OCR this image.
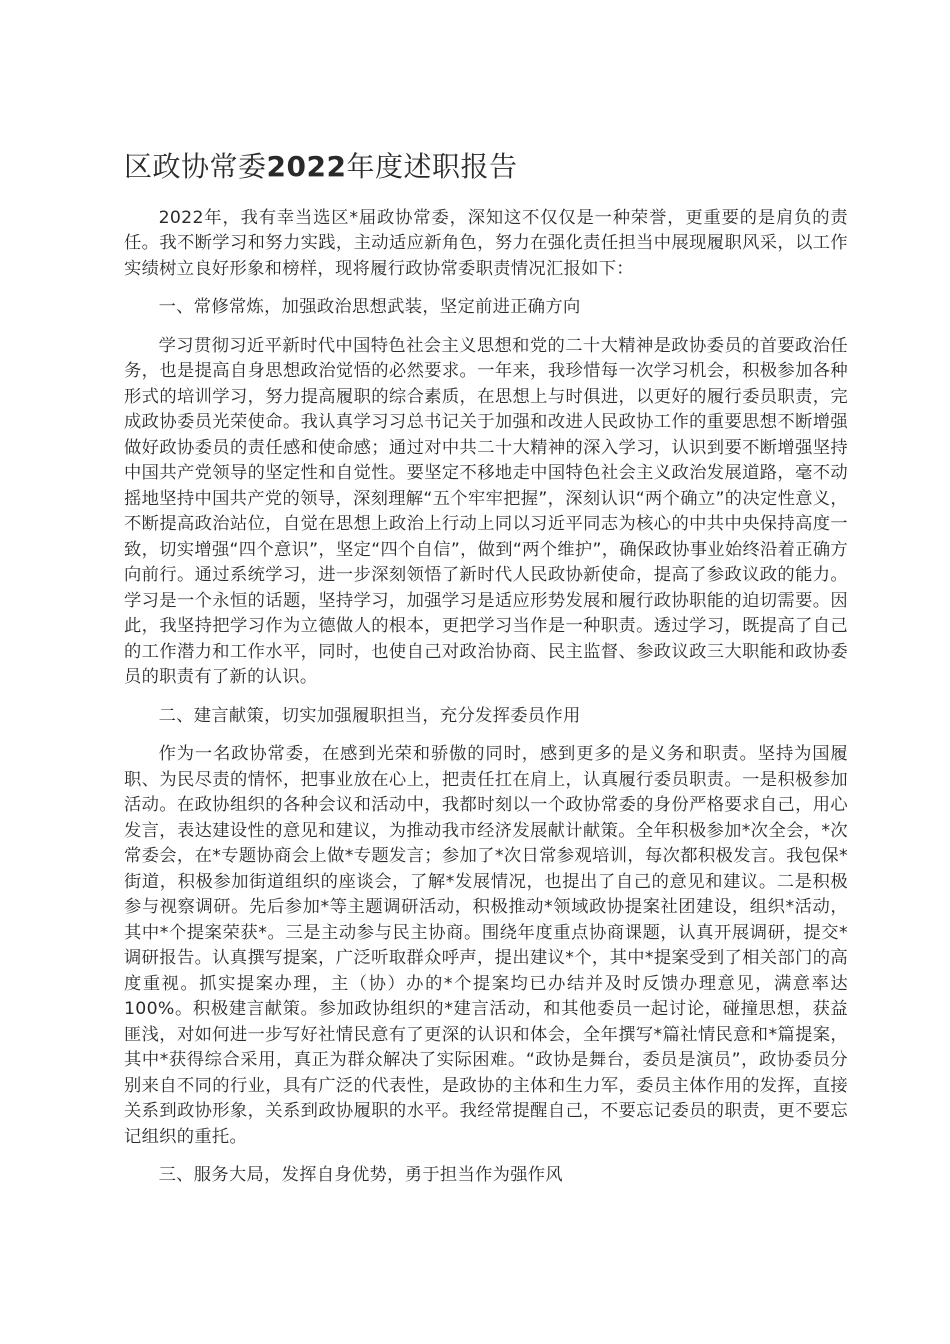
区政协常委2022年度述职报告

2022年，我有幸当选区*届政协常委，深知这不仅仅是一种荣誉，更重要的是肩负的责任。我不断学习和努力实践，主动适应新角色，努力在强化责任担当中展现履职风采，以工作实绩树立良好形象和榜样，现将履行政协常委职责情况汇报如下：

一、常修常炼，加强政治思想武装，坚定前进正确方向

学习贯彻习近平新时代中国特色社会主义思想和党的二十大精神是政协委员的首要政治任务，也是提高自身思想政治觉悟的必然要求。一年来，我珍惜每一次学习机会，积极参加各种形式的培训学习，努力提高履职的综合素质，在思想上与时俱进，以更好的履行委员职责，完成政协委员光荣使命。我认真学习习总书记关于加强和改进人民政协工作的重要思想不断增强做好政协委员的责任感和使命感；通过对中共二十大精神的深入学习，认识到要不断增强坚持中国共产党领导的坚定性和自觉性。要坚定不移地走中国特色社会主义政治发展道路，毫不动摇地坚持中国共产党的领导，深刻理解“五个牢牢把握”，深刻认识“两个确立”的决定性意义，不断提高政治站位，自觉在思想上政治上行动上同以习近平同志为核心的中共中央保持高度一致，切实增强“四个意识”，坚定“四个自信”，做到“两个维护”，确保政协事业始终沿着正确方向前行。通过系统学习，进一步深刻领悟了新时代人民政协新使命，提高了参政议政的能力。学习是一个永恒的话题，坚持学习，加强学习是适应形势发展和履行政协职能的迫切需要。因此，我坚持把学习作为立德做人的根本，更把学习当作是一种职责。透过学习，既提高了自己的工作潜力和工作水平，同时，也使自己对政治协商、民主监督、参政议政三大职能和政协委员的职责有了新的认识。

二、建言献策，切实加强履职担当，充分发挥委员作用

作为一名政协常委，在感到光荣和骄傲的同时，感到更多的是义务和职责。坚持为国履职、为民尽责的情怀，把事业放在心上，把责任扛在肩上，认真履行委员职责。一是积极参加活动。在政协组织的各种会议和活动中，我都时刻以一个政协常委的身份严格要求自己，用心发言，表达建设性的意见和建议，为推动我市经济发展献计献策。全年积极参加*次全会，*次常委会，在*专题协商会上做*专题发言；参加了*次日常参观培训，每次都积极发言。我包保*街道，积极参加街道组织的座谈会，了解*发展情况，也提出了自己的意见和建议。二是积极参与视察调研。先后参加*等主题调研活动，积极推动*领域政协提案社团建设，组织*活动，其中*个提案荣获*。三是主动参与民主协商。围绕年度重点协商课题，认真开展调研，提交*调研报告。认真撰写提案，广泛听取群众呼声，提出建议*个，其中*提案受到了相关部门的高度重视。抓实提案办理，主（协）办的*个提案均已办结并及时反馈办理意见，满意率达100%。积极建言献策。参加政协组织的*建言活动，和其他委员一起讨论，碰撞思想，获益匪浅，对如何进一步写好社情民意有了更深的认识和体会，全年撰写*篇社情民意和*篇提案，其中*获得综合采用，真正为群众解决了实际困难。“政协是舞台，委员是演员”，政协委员分别来自不同的行业，具有广泛的代表性，是政协的主体和生力军，委员主体作用的发挥，直接关系到政协形象，关系到政协履职的水平。我经常提醒自己，不要忘记委员的职责，更不要忘记组织的重托。

三、服务大局，发挥自身优势，勇于担当作为强作风
